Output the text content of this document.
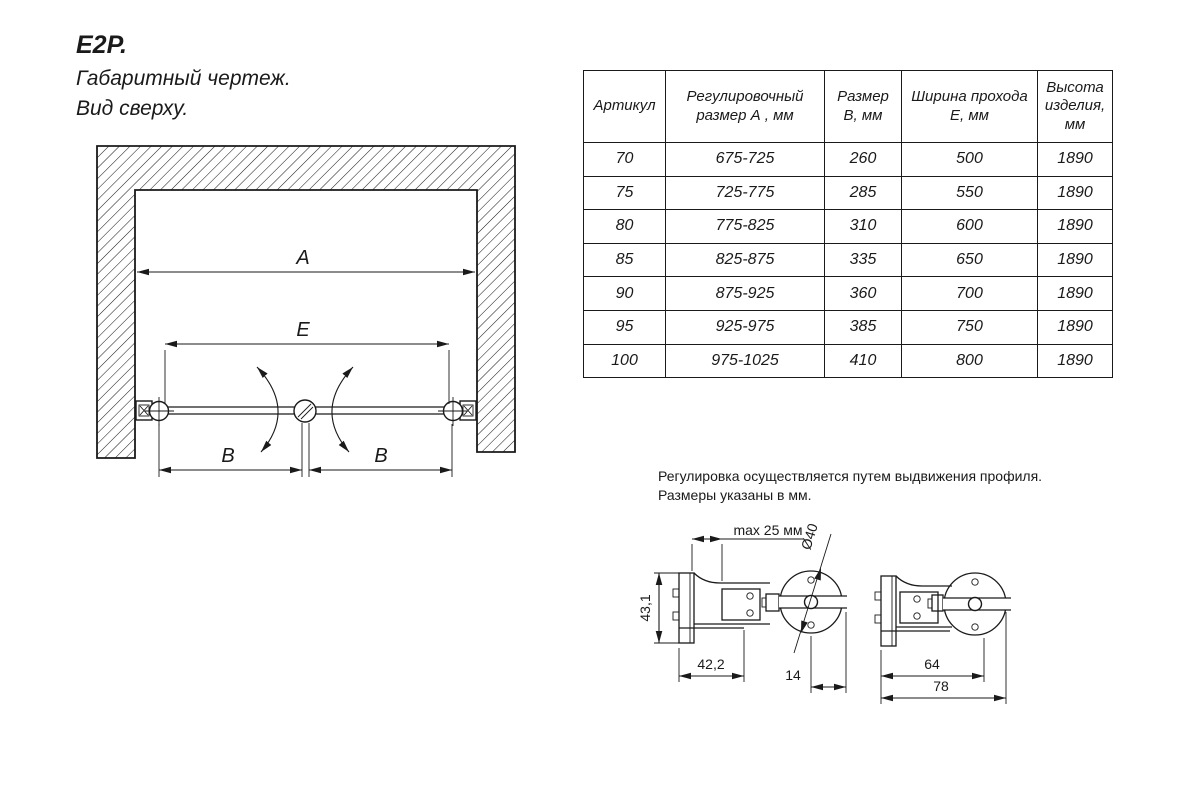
A
E
B	B
43,1
max 25 мм
Ø40
42,2
14
64
78
E2P.
Габаритный чертеж.
Вид сверху.	Артикул	Регулировочный размер А , мм	Размер В, мм	Ширина прохода Е, мм	Высота изделия, мм
70	675-725	260	500	1890
75	725-775	285	550	1890
80	775-825	310	600	1890
85	825-875	335	650	1890
90	875-925	360	700	1890
95	925-975	385	750	1890
100	975-1025	410	800	1890
Регулировка осуществляется путем выдвижения профиля.
Размеры указаны в мм.
